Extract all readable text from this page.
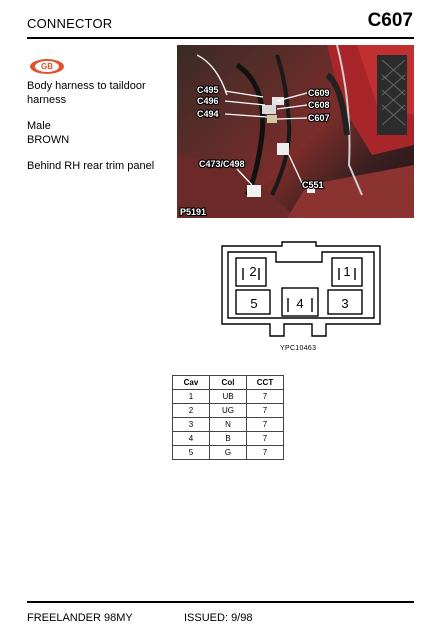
CONNECTOR	C607
GB
Body harness to taildoor harness
Male
BROWN
Behind RH rear trim panel
C495
C496
C494
C609
C608
C607
C473/C498
C551
P5191
2	1
5	4	3
YPC10463
Cav	Col	CCT
1	UB	7
2	UG	7
3	N	7
4	B	7
5	G	7
FREELANDER 98MY	ISSUED: 9/98
